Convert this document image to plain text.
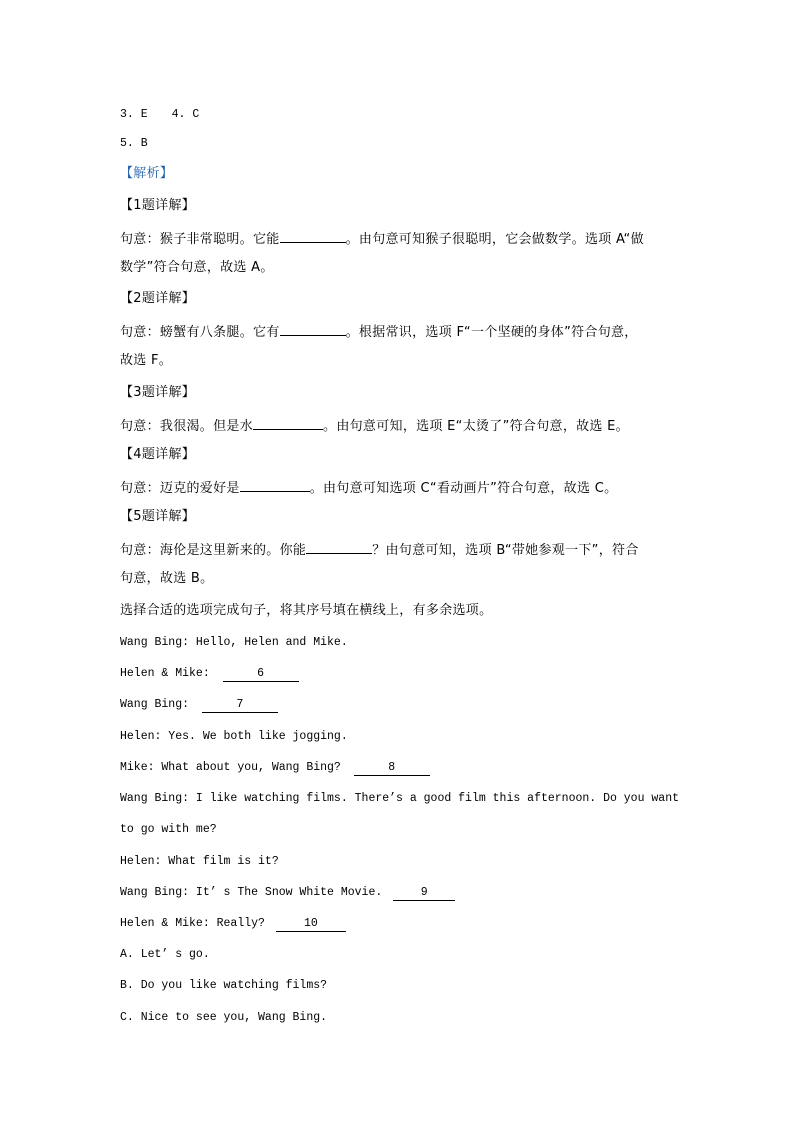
3. E 4. C
5. B
【解析】
【1题详解】
句意：猴子非常聪明。它能	。由句意可知猴子很聪明，它会做数学。选项 A“做
数学”符合句意，故选 A。
【2题详解】
句意：螃蟹有八条腿。它有	。根据常识，选项 F“一个坚硬的身体”符合句意，
故选 F。
【3题详解】
句意：我很渴。但是水	。由句意可知，选项 E“太烫了”符合句意，故选 E。
【4题详解】
句意：迈克的爱好是	。由句意可知选项 C“看动画片”符合句意，故选 C。
【5题详解】
句意：海伦是这里新来的。你能	？由句意可知，选项 B“带她参观一下”，符合
句意，故选 B。
选择合适的选项完成句子，将其序号填在横线上，有多余选项。
Wang Bing: Hello, Helen and Mike.
Helen & Mike:	6
Wang Bing:	7
Helen: Yes. We both like jogging.
Mike: What about you, Wang Bing?	8
Wang Bing: I like watching films. There’s a good film this afternoon. Do you want
to go with me?
Helen: What film is it?
Wang Bing: It’ s The Snow White Movie.	9
Helen & Mike: Really?	10
A. Let’ s go.
B. Do you like watching films?
C. Nice to see you, Wang Bing.
